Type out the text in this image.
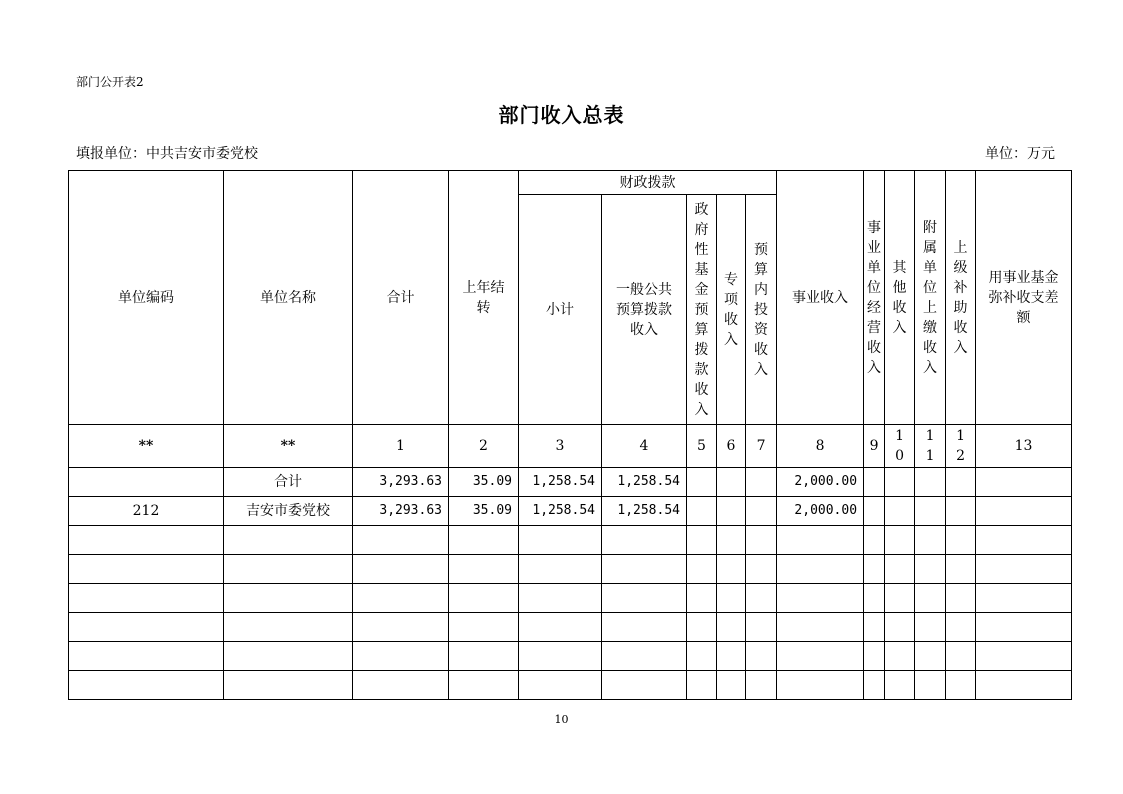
部门公开表2
部门收入总表
填报单位：中共吉安市委党校	单位：万元
单位编码	单位名称	合计	上年结转	财政拨款					事业收入	事业单位经营收入	其他收入	附属单位上缴收入	上级补助收入	用事业基金弥补收支差额
				小计	一般公共预算拨款收入	政府性基金预算拨款收入	专项收入	预算内投资收入						
**	**	1	2	3	4	5	6	7	8	9	10	11	12	13
	合计	3,293.63	35.09	1,258.54	1,258.54				2,000.00					
212	吉安市委党校	3,293.63	35.09	1,258.54	1,258.54				2,000.00					

10
